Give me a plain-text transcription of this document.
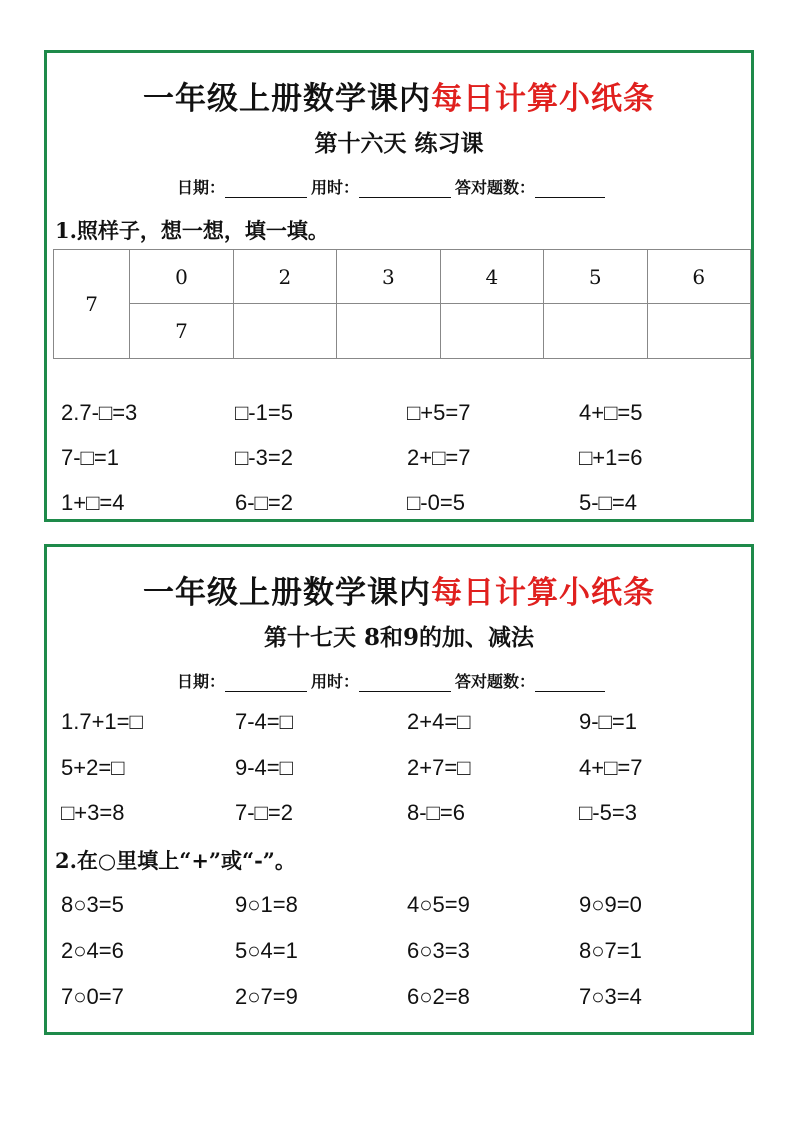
一年级上册数学课内每日计算小纸条
第十六天 练习课
日期：	用时：	答对题数：
1.照样子，想一想，填一填。
7	0	2	3	4	5	6
	7					
2.7-□=3	□-1=5	□+5=7	4+□=5
7-□=1	□-3=2	2+□=7	□+1=6
1+□=4	6-□=2	□-0=5	5-□=4
一年级上册数学课内每日计算小纸条
第十七天 8和9的加、减法
日期：	用时：	答对题数：
1.7+1=□	7-4=□	2+4=□	9-□=1
5+2=□	9-4=□	2+7=□	4+□=7
□+3=8	7-□=2	8-□=6	□-5=3
2.在○里填上“+”或“-”。
8○3=5	9○1=8	4○5=9	9○9=0
2○4=6	5○4=1	6○3=3	8○7=1
7○0=7	2○7=9	6○2=8	7○3=4
